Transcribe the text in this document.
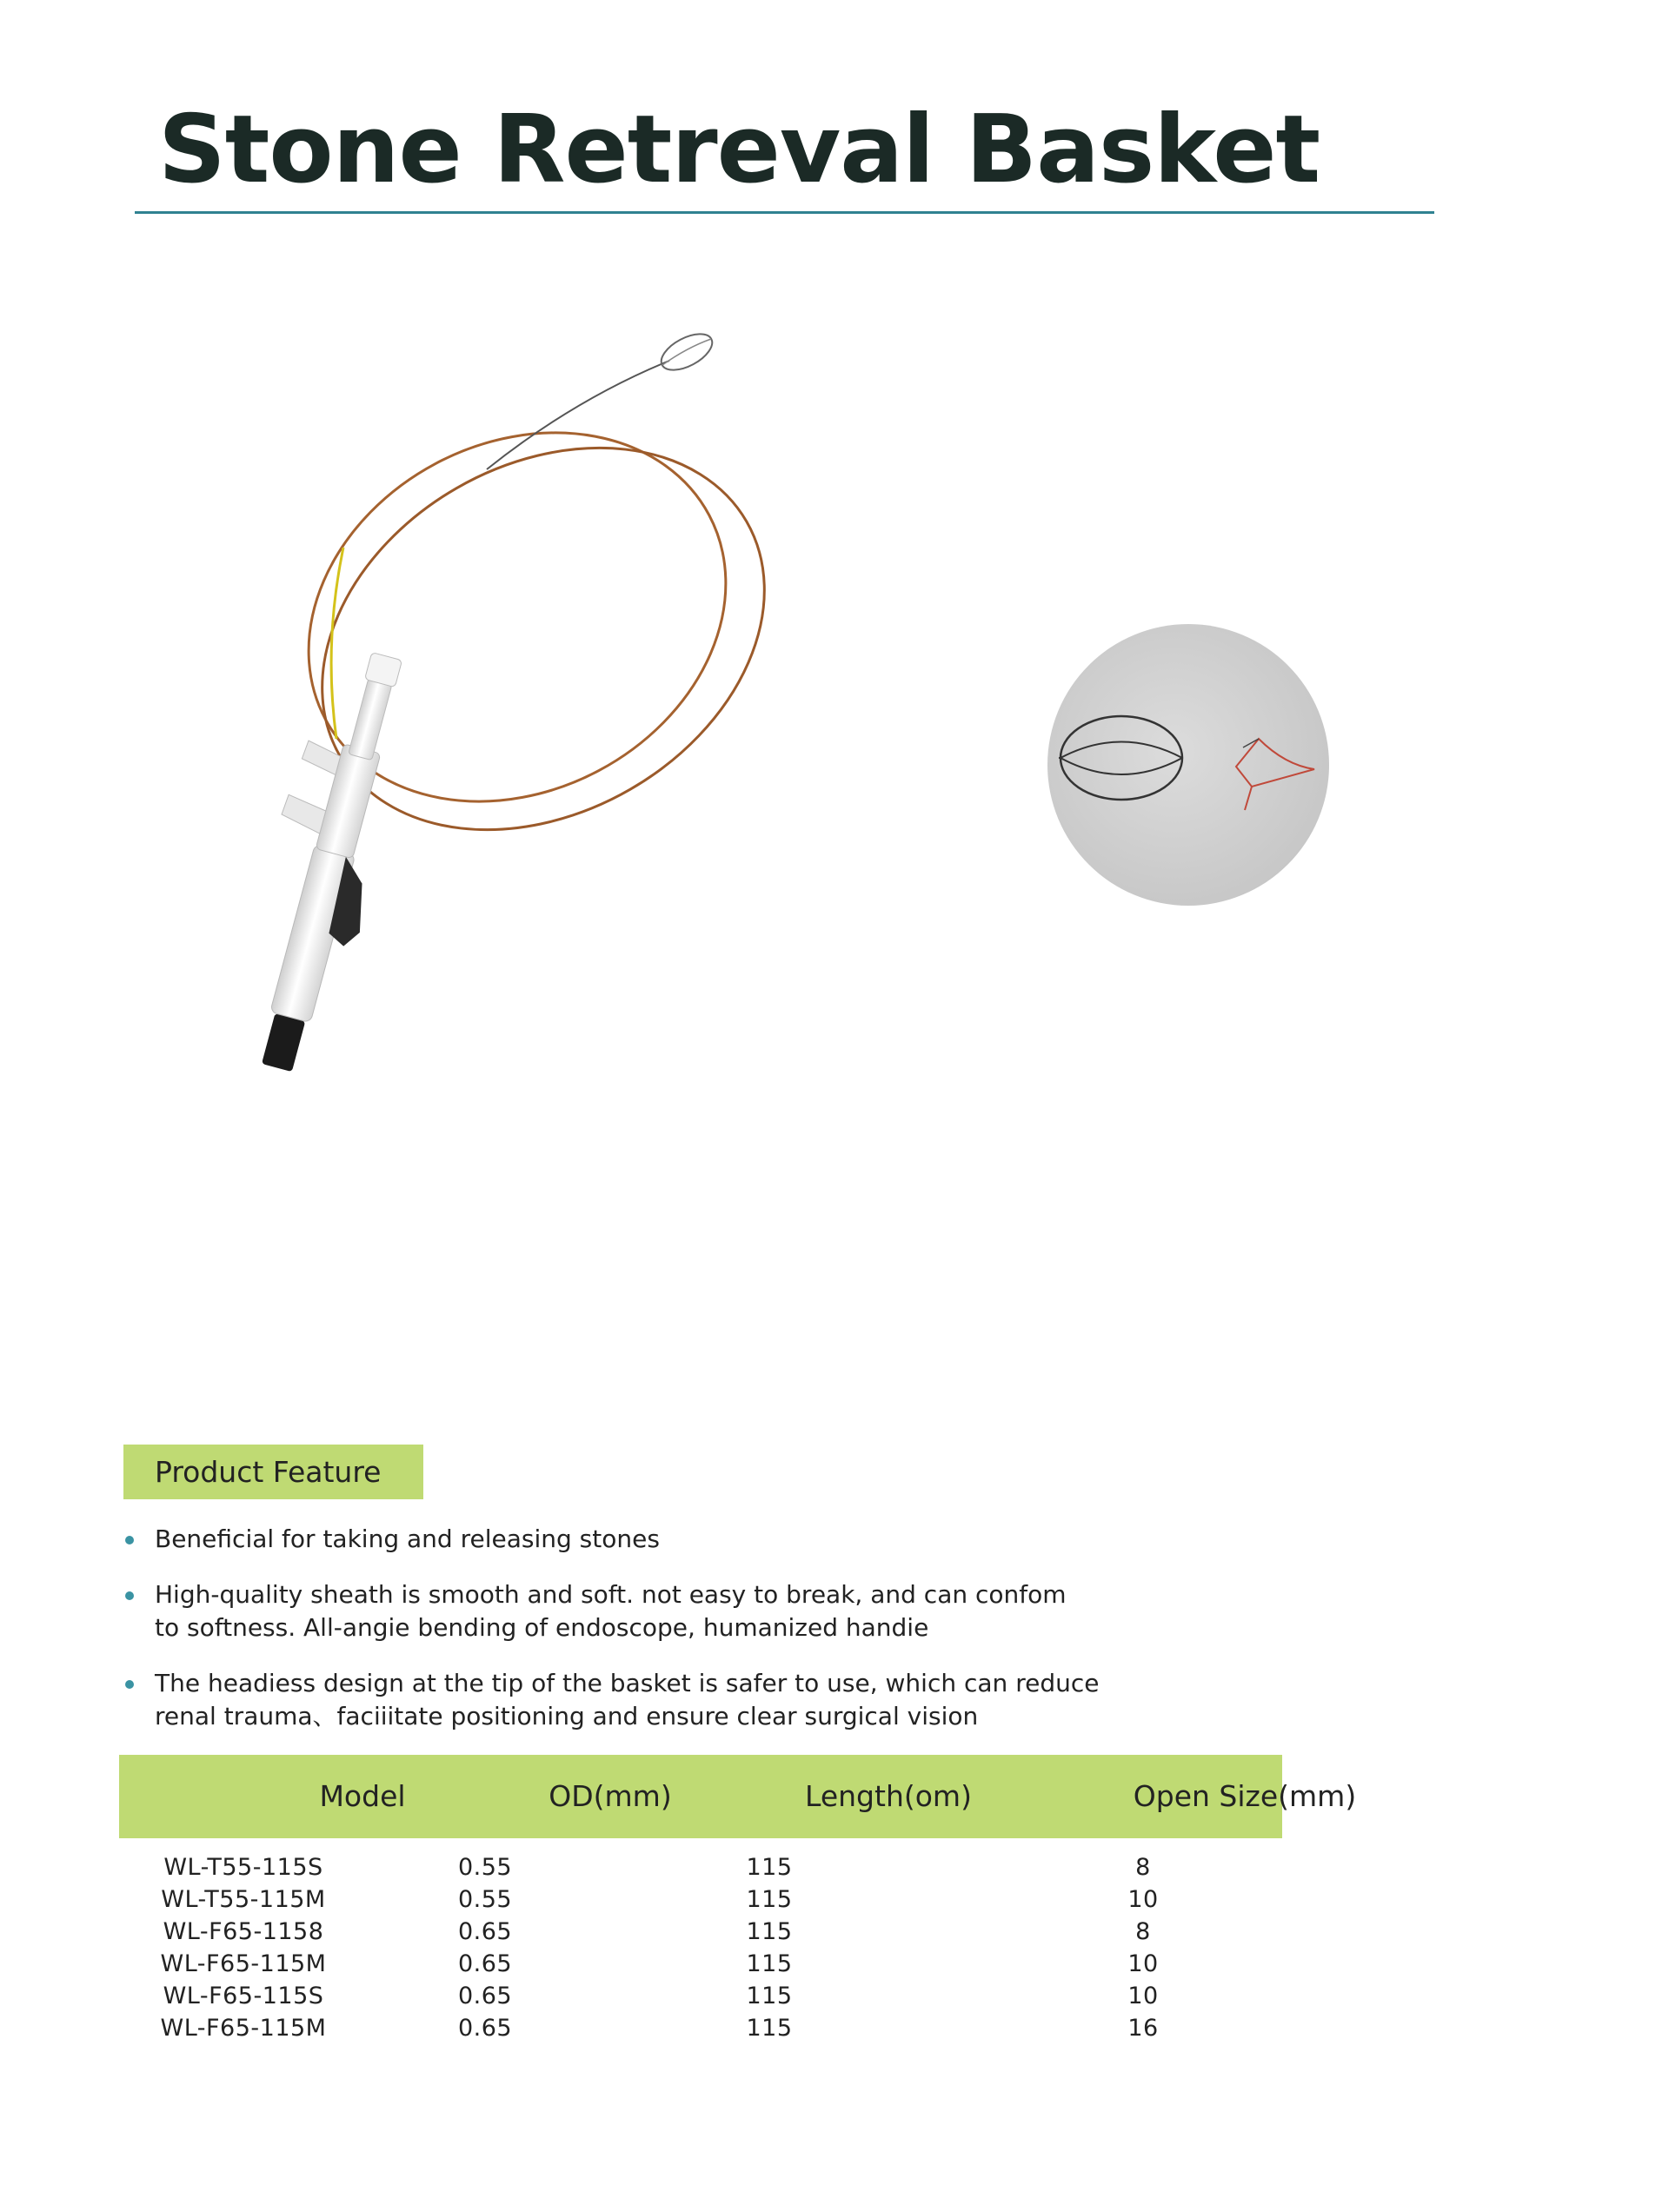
Stone Retreval Basket
Product Feature
Beneficial for taking and releasing stones
High-quality sheath is smooth and soft. not easy to break, and can confom
to softness. All-angie bending of endoscope, humanized handie
The headiess design at the tip of the basket is safer to use, which can reduce
renal trauma、faciiitate positioning and ensure clear surgical vision
Model	OD(mm)	Length(om)	Open Size(mm)
WL-T55-115S	0.55	115	8
WL-T55-115M	0.55	115	10
WL-F65-1158	0.65	115	8
WL-F65-115M	0.65	115	10
WL-F65-115S	0.65	115	10
WL-F65-115M	0.65	115	16
